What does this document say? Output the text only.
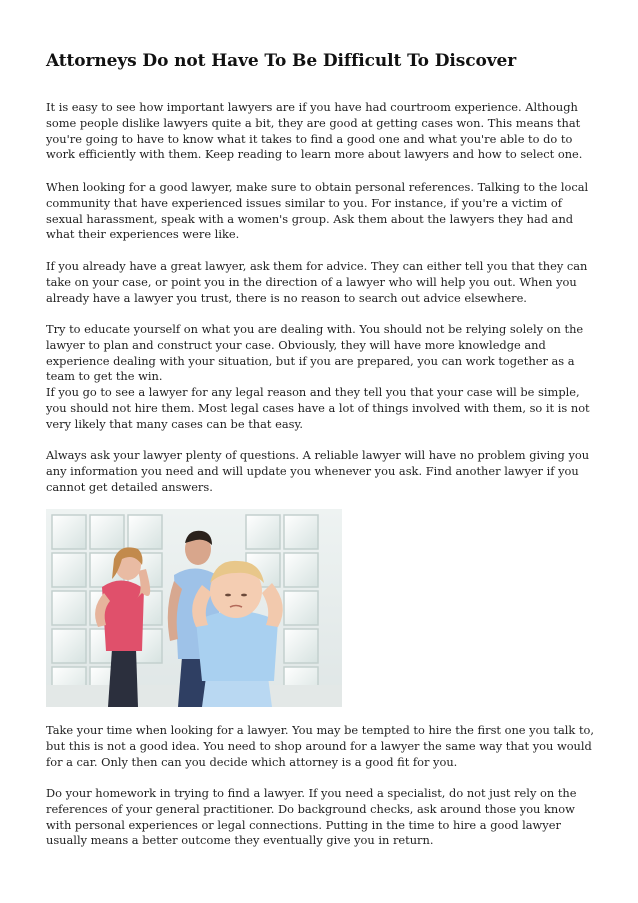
Attorneys Do not Have To Be Difficult To Discover

It is easy to see how important lawyers are if you have had courtroom experience. Although some people dislike lawyers quite a bit, they are good at getting cases won. This means that you're going to have to know what it takes to find a good one and what you're able to do to work efficiently with them. Keep reading to learn more about lawyers and how to select one.

When looking for a good lawyer, make sure to obtain personal references. Talking to the local community that have experienced issues similar to you. For instance, if you're a victim of sexual harassment, speak with a women's group. Ask them about the lawyers they had and what their experiences were like.

If you already have a great lawyer, ask them for advice. They can either tell you that they can take on your case, or point you in the direction of a lawyer who will help you out. When you already have a lawyer you trust, there is no reason to search out advice elsewhere.

Try to educate yourself on what you are dealing with. You should not be relying solely on the lawyer to plan and construct your case. Obviously, they will have more knowledge and experience dealing with your situation, but if you are prepared, you can work together as a team to get the win.

If you go to see a lawyer for any legal reason and they tell you that your case will be simple, you should not hire them. Most legal cases have a lot of things involved with them, so it is not very likely that many cases can be that easy.

Always ask your lawyer plenty of questions. A reliable lawyer will have no problem giving you any information you need and will update you whenever you ask. Find another lawyer if you cannot get detailed answers.

Take your time when looking for a lawyer. You may be tempted to hire the first one you talk to, but this is not a good idea. You need to shop around for a lawyer the same way that you would for a car. Only then can you decide which attorney is a good fit for you.

Do your homework in trying to find a lawyer. If you need a specialist, do not just rely on the references of your general practitioner. Do background checks, ask around those you know with personal experiences or legal connections. Putting in the time to hire a good lawyer usually means a better outcome they eventually give you in return.
